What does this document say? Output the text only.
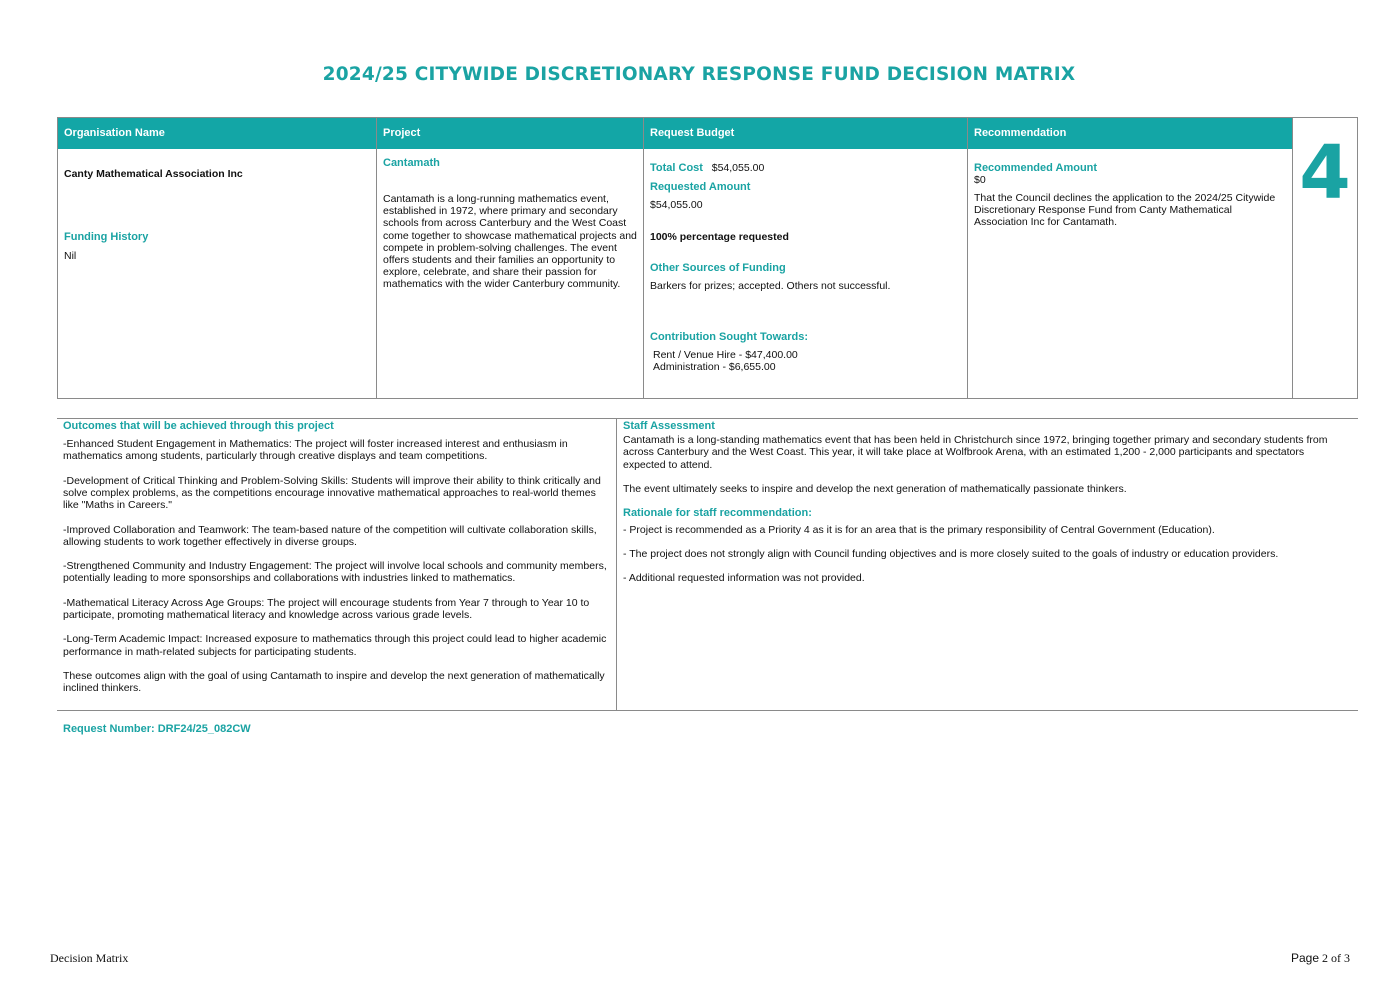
2024/25 CITYWIDE DISCRETIONARY RESPONSE FUND DECISION MATRIX
Organisation Name
Canty Mathematical Association Inc
Funding History
Nil
Project
Cantamath
Cantamath is a long-running mathematics event, established in 1972, where primary and secondary schools from across Canterbury and the West Coast come together to showcase mathematical projects and compete in problem-solving challenges. The event offers students and their families an opportunity to explore, celebrate, and share their passion for mathematics with the wider Canterbury community.
Request Budget
Total Cost $54,055.00
Requested Amount
$54,055.00
100% percentage requested
Other Sources of Funding
Barkers for prizes; accepted. Others not successful.
Contribution Sought Towards:
Rent / Venue Hire - $47,400.00
Administration - $6,655.00
Recommendation
Recommended Amount
$0
That the Council declines the application to the 2024/25 Citywide Discretionary Response Fund from Canty Mathematical Association Inc for Cantamath.
4
Outcomes that will be achieved through this project

-Enhanced Student Engagement in Mathematics: The project will foster increased interest and enthusiasm in mathematics among students, particularly through creative displays and team competitions.

-Development of Critical Thinking and Problem-Solving Skills: Students will improve their ability to think critically and solve complex problems, as the competitions encourage innovative mathematical approaches to real-world themes like "Maths in Careers."

-Improved Collaboration and Teamwork: The team-based nature of the competition will cultivate collaboration skills, allowing students to work together effectively in diverse groups.

-Strengthened Community and Industry Engagement: The project will involve local schools and community members, potentially leading to more sponsorships and collaborations with industries linked to mathematics.

-Mathematical Literacy Across Age Groups: The project will encourage students from Year 7 through to Year 10 to participate, promoting mathematical literacy and knowledge across various grade levels.

-Long-Term Academic Impact: Increased exposure to mathematics through this project could lead to higher academic performance in math-related subjects for participating students.

These outcomes align with the goal of using Cantamath to inspire and develop the next generation of mathematically inclined thinkers.

Staff Assessment

Cantamath is a long-standing mathematics event that has been held in Christchurch since 1972, bringing together primary and secondary students from across Canterbury and the West Coast. This year, it will take place at Wolfbrook Arena, with an estimated 1,200 - 2,000 participants and spectators expected to attend.

The event ultimately seeks to inspire and develop the next generation of mathematically passionate thinkers.

Rationale for staff recommendation:

- Project is recommended as a Priority 4 as it is for an area that is the primary responsibility of Central Government (Education).

- The project does not strongly align with Council funding objectives and is more closely suited to the goals of industry or education providers.

- Additional requested information was not provided.

Request Number: DRF24/25_082CW
Decision Matrix	Page 2 of 3
